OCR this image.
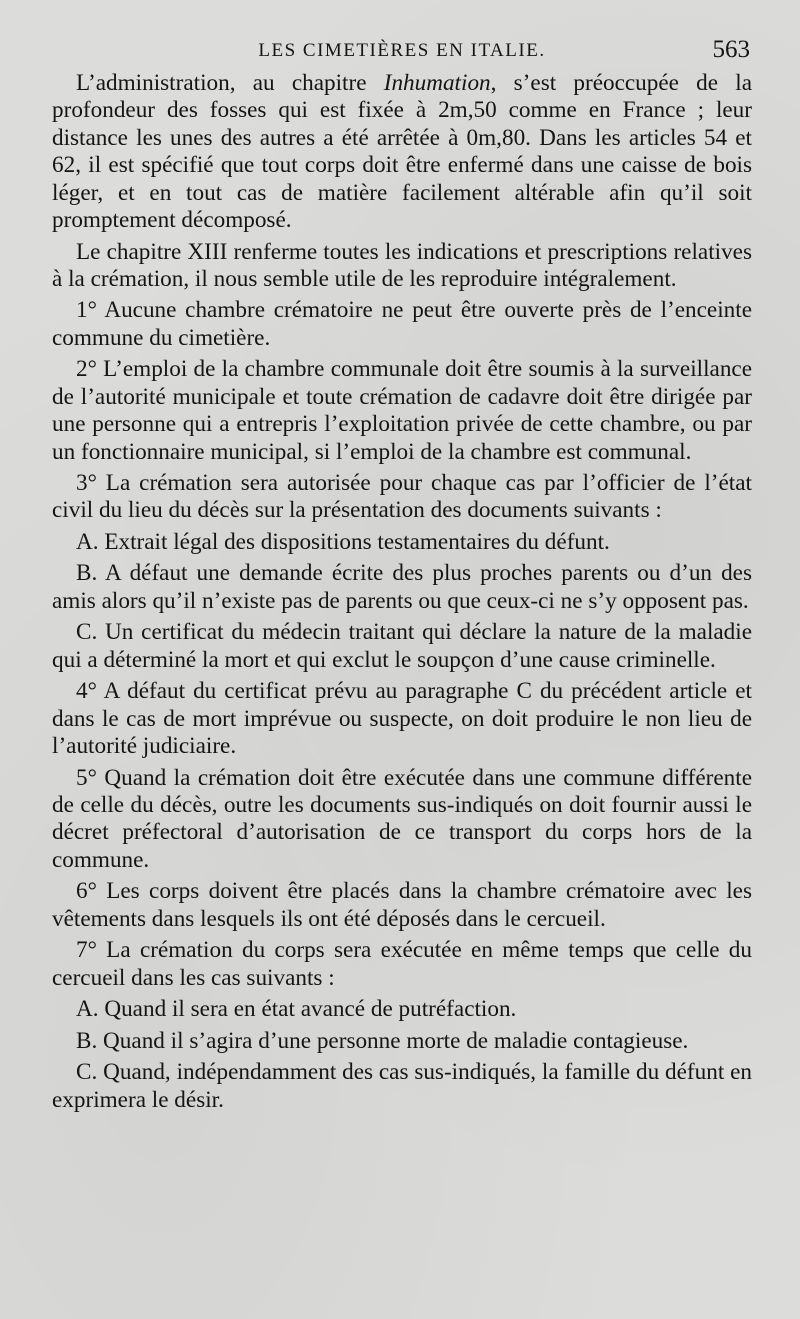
LES CIMETIÈRES EN ITALIE.	563

L’administration, au chapitre Inhumation, s’est préoccupée de la profondeur des fosses qui est fixée à 2m,50 comme en France ; leur distance les unes des autres a été arrêtée à 0m,80. Dans les articles 54 et 62, il est spécifié que tout corps doit être enfermé dans une caisse de bois léger, et en tout cas de matière facilement altérable afin qu’il soit promptement décomposé.

Le chapitre XIII renferme toutes les indications et prescriptions relatives à la crémation, il nous semble utile de les reproduire intégralement.

1° Aucune chambre crématoire ne peut être ouverte près de l’enceinte commune du cimetière.

2° L’emploi de la chambre communale doit être soumis à la surveillance de l’autorité municipale et toute crémation de cadavre doit être dirigée par une personne qui a entrepris l’exploitation privée de cette chambre, ou par un fonctionnaire municipal, si l’emploi de la chambre est communal.

3° La crémation sera autorisée pour chaque cas par l’officier de l’état civil du lieu du décès sur la présentation des documents suivants :

A. Extrait légal des dispositions testamentaires du défunt.

B. A défaut une demande écrite des plus proches parents ou d’un des amis alors qu’il n’existe pas de parents ou que ceux-ci ne s’y opposent pas.

C. Un certificat du médecin traitant qui déclare la nature de la maladie qui a déterminé la mort et qui exclut le soupçon d’une cause criminelle.

4° A défaut du certificat prévu au paragraphe C du précédent article et dans le cas de mort imprévue ou suspecte, on doit produire le non lieu de l’autorité judiciaire.

5° Quand la crémation doit être exécutée dans une commune différente de celle du décès, outre les documents sus-indiqués on doit fournir aussi le décret préfectoral d’autorisation de ce transport du corps hors de la commune.

6° Les corps doivent être placés dans la chambre crématoire avec les vêtements dans lesquels ils ont été déposés dans le cercueil.

7° La crémation du corps sera exécutée en même temps que celle du cercueil dans les cas suivants :

A. Quand il sera en état avancé de putréfaction.

B. Quand il s’agira d’une personne morte de maladie contagieuse.

C. Quand, indépendamment des cas sus-indiqués, la famille du défunt en exprimera le désir.
